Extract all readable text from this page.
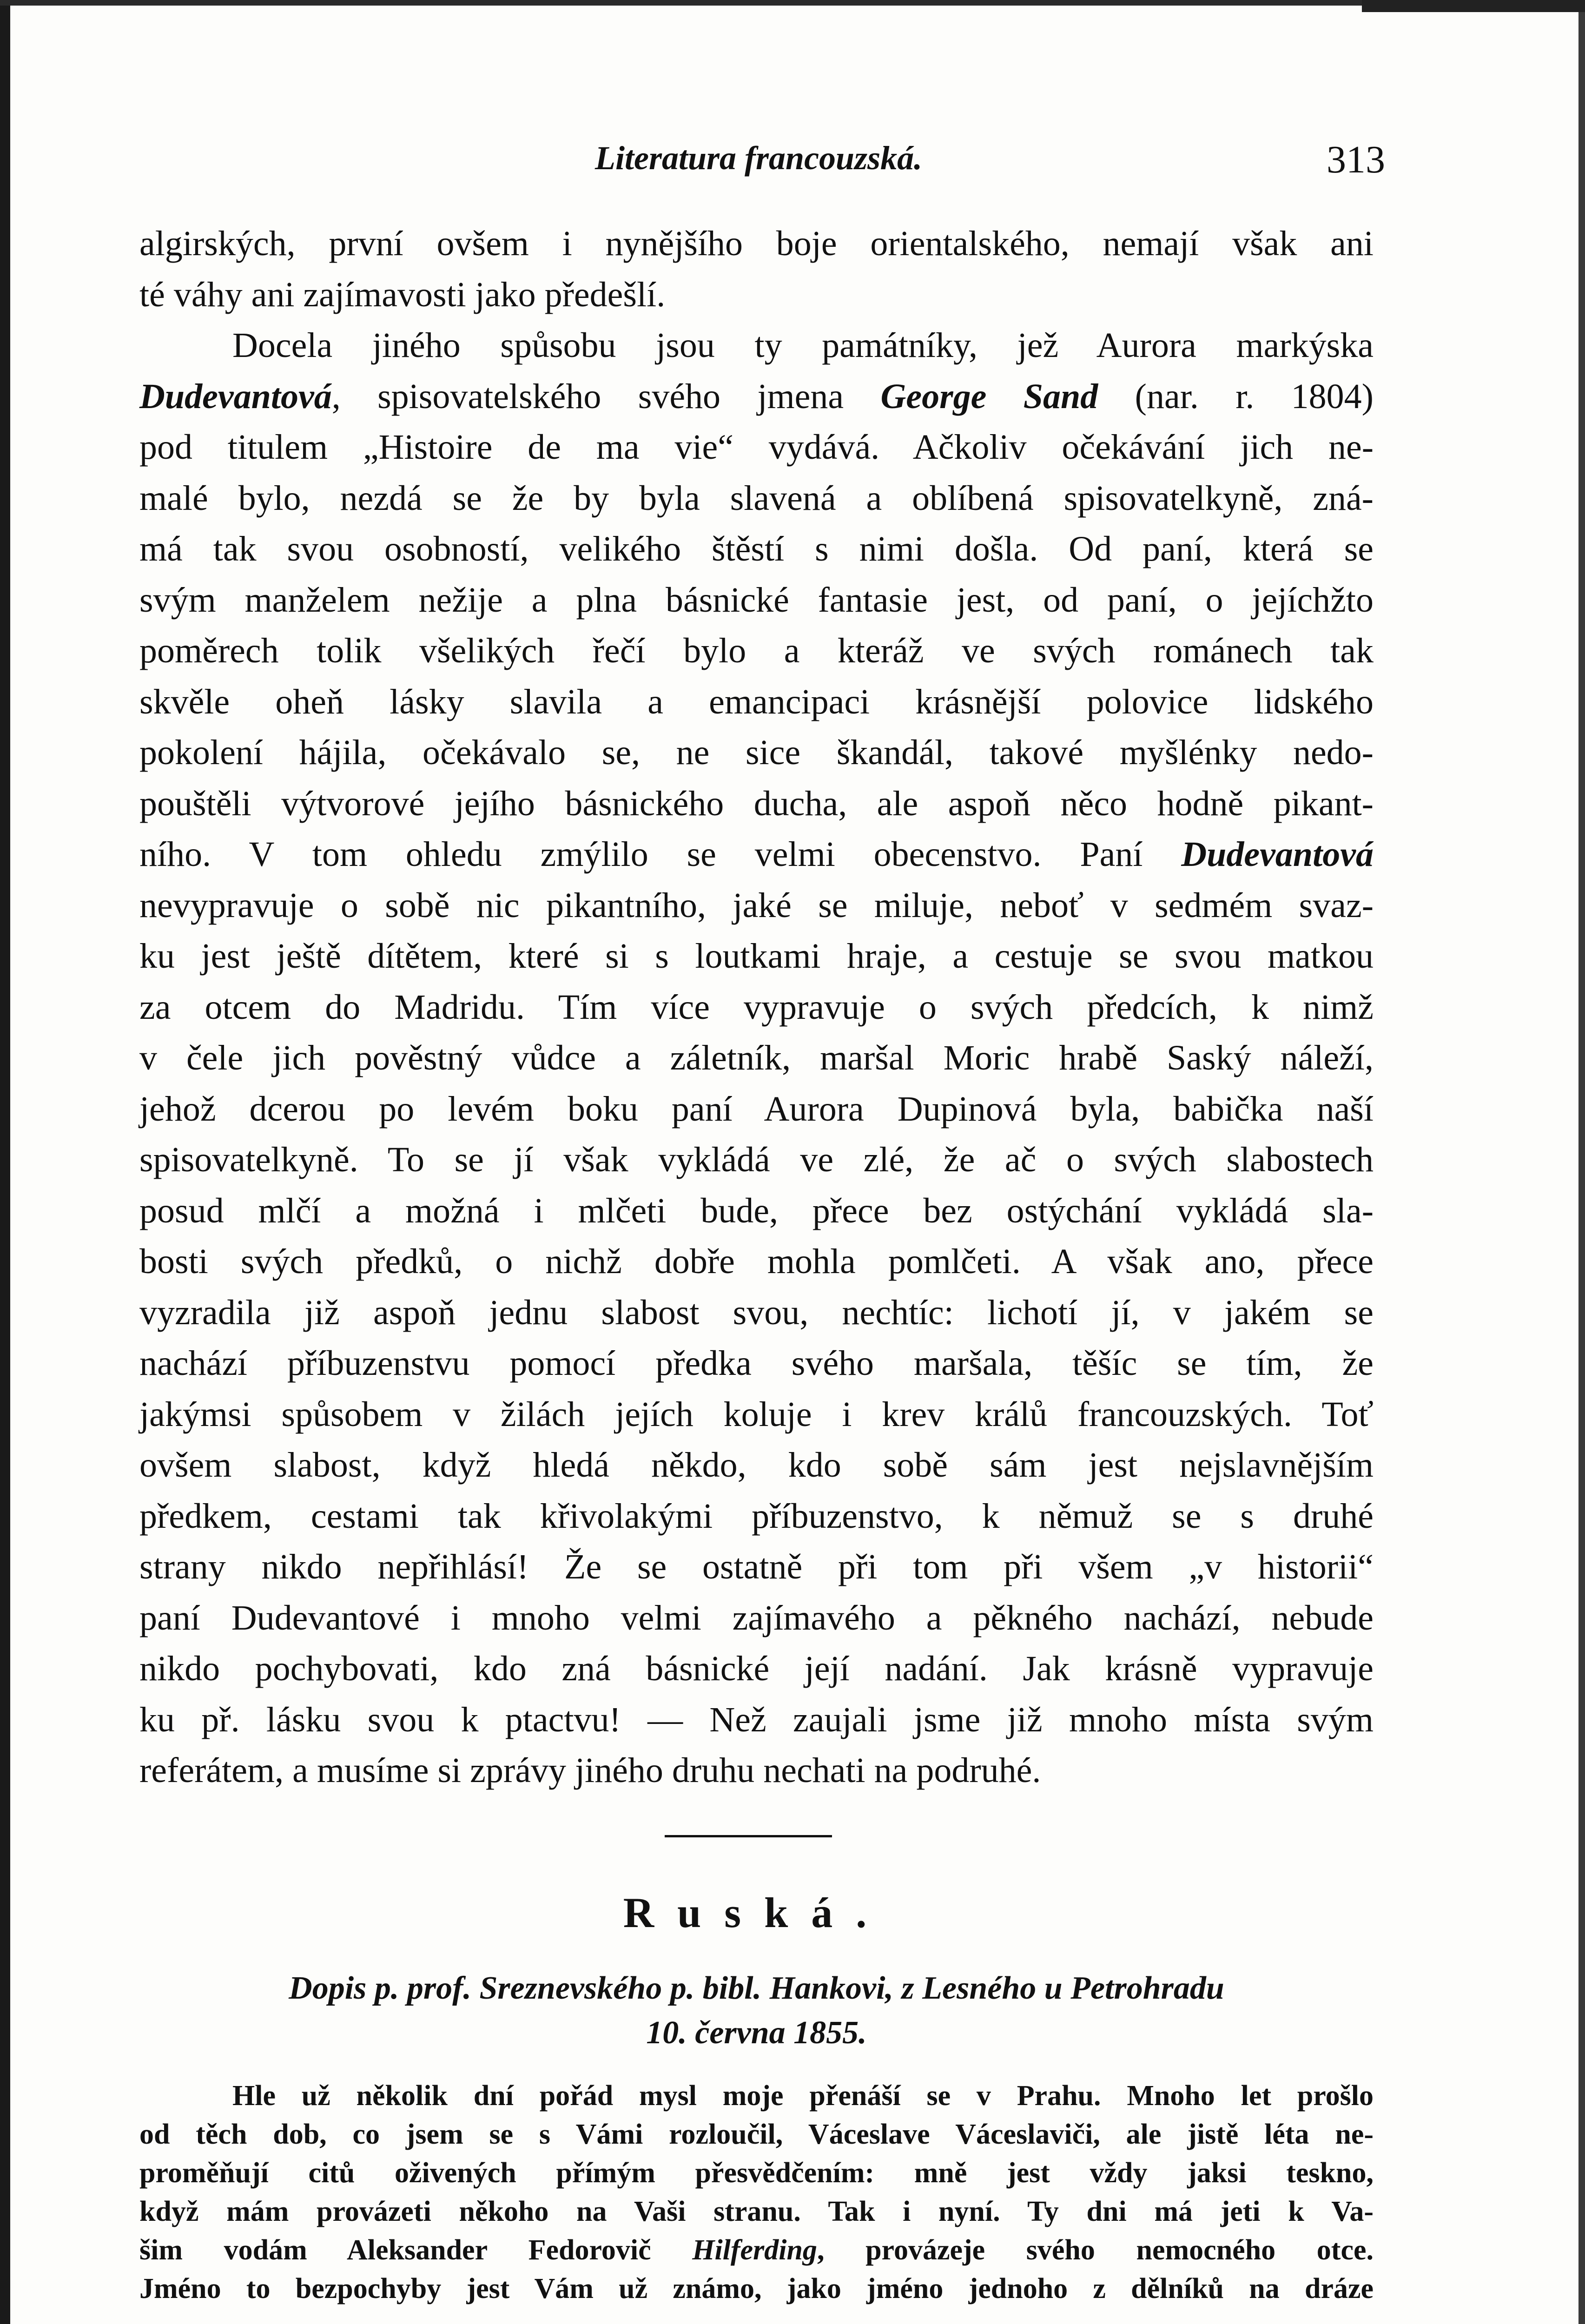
Literatura francouzská.	313
algirských, první ovšem i nynějšího boje orientalského, nemají však ani
té váhy ani zajímavosti jako předešlí.
Docela jiného spůsobu jsou ty památníky, jež Aurora markýska
Dudevantová, spisovatelského svého jmena George Sand (nar. r. 1804)
pod titulem „Histoire de ma vie“ vydává. Ačkoliv očekávání jich ne-
malé bylo, nezdá se že by byla slavená a oblíbená spisovatelkyně, zná-
má tak svou osobností, velikého štěstí s nimi došla. Od paní, která se
svým manželem nežije a plna básnické fantasie jest, od paní, o jejíchžto
poměrech tolik všelikých řečí bylo a kteráž ve svých románech tak
skvěle oheň lásky slavila a emancipaci krásnější polovice lidského
pokolení hájila, očekávalo se, ne sice škandál, takové myšlénky nedo-
pouštěli výtvorové jejího básnického ducha, ale aspoň něco hodně pikant-
ního. V tom ohledu zmýlilo se velmi obecenstvo. Paní Dudevantová
nevypravuje o sobě nic pikantního, jaké se miluje, neboť v sedmém svaz-
ku jest ještě dítětem, které si s loutkami hraje, a cestuje se svou matkou
za otcem do Madridu. Tím více vypravuje o svých předcích, k nimž
v čele jich pověstný vůdce a záletník, maršal Moric hrabě Saský náleží,
jehož dcerou po levém boku paní Aurora Dupinová byla, babička naší
spisovatelkyně. To se jí však vykládá ve zlé, že ač o svých slabostech
posud mlčí a možná i mlčeti bude, přece bez ostýchání vykládá sla-
bosti svých předků, o nichž dobře mohla pomlčeti. A však ano, přece
vyzradila již aspoň jednu slabost svou, nechtíc: lichotí jí, v jakém se
nachází příbuzenstvu pomocí předka svého maršala, těšíc se tím, že
jakýmsi spůsobem v žilách jejích koluje i krev králů francouzských. Toť
ovšem slabost, když hledá někdo, kdo sobě sám jest nejslavnějším
předkem, cestami tak křivolakými příbuzenstvo, k němuž se s druhé
strany nikdo nepřihlásí! Že se ostatně při tom při všem „v historii“
paní Dudevantové i mnoho velmi zajímavého a pěkného nachází, nebude
nikdo pochybovati, kdo zná básnické její nadání. Jak krásně vypravuje
ku př. lásku svou k ptactvu! — Než zaujali jsme již mnoho místa svým
referátem, a musíme si zprávy jiného druhu nechati na podruhé.
Ruská.
Dopis p. prof. Sreznevského p. bibl. Hankovi, z Lesného u Petrohradu
10. června 1855.
Hle už několik dní pořád mysl moje přenáší se v Prahu. Mnoho let prošlo
od těch dob, co jsem se s Vámi rozloučil, Váceslave Váceslaviči, ale jistě léta ne-
proměňují citů oživených přímým přesvědčením: mně jest vždy jaksi teskno,
když mám provázeti někoho na Vaši stranu. Tak i nyní. Ty dni má jeti k Va-
šim vodám Aleksander Fedorovič Hilferding, provázeje svého nemocného otce.
Jméno to bezpochyby jest Vám už známo, jako jméno jednoho z dělníků na dráze
